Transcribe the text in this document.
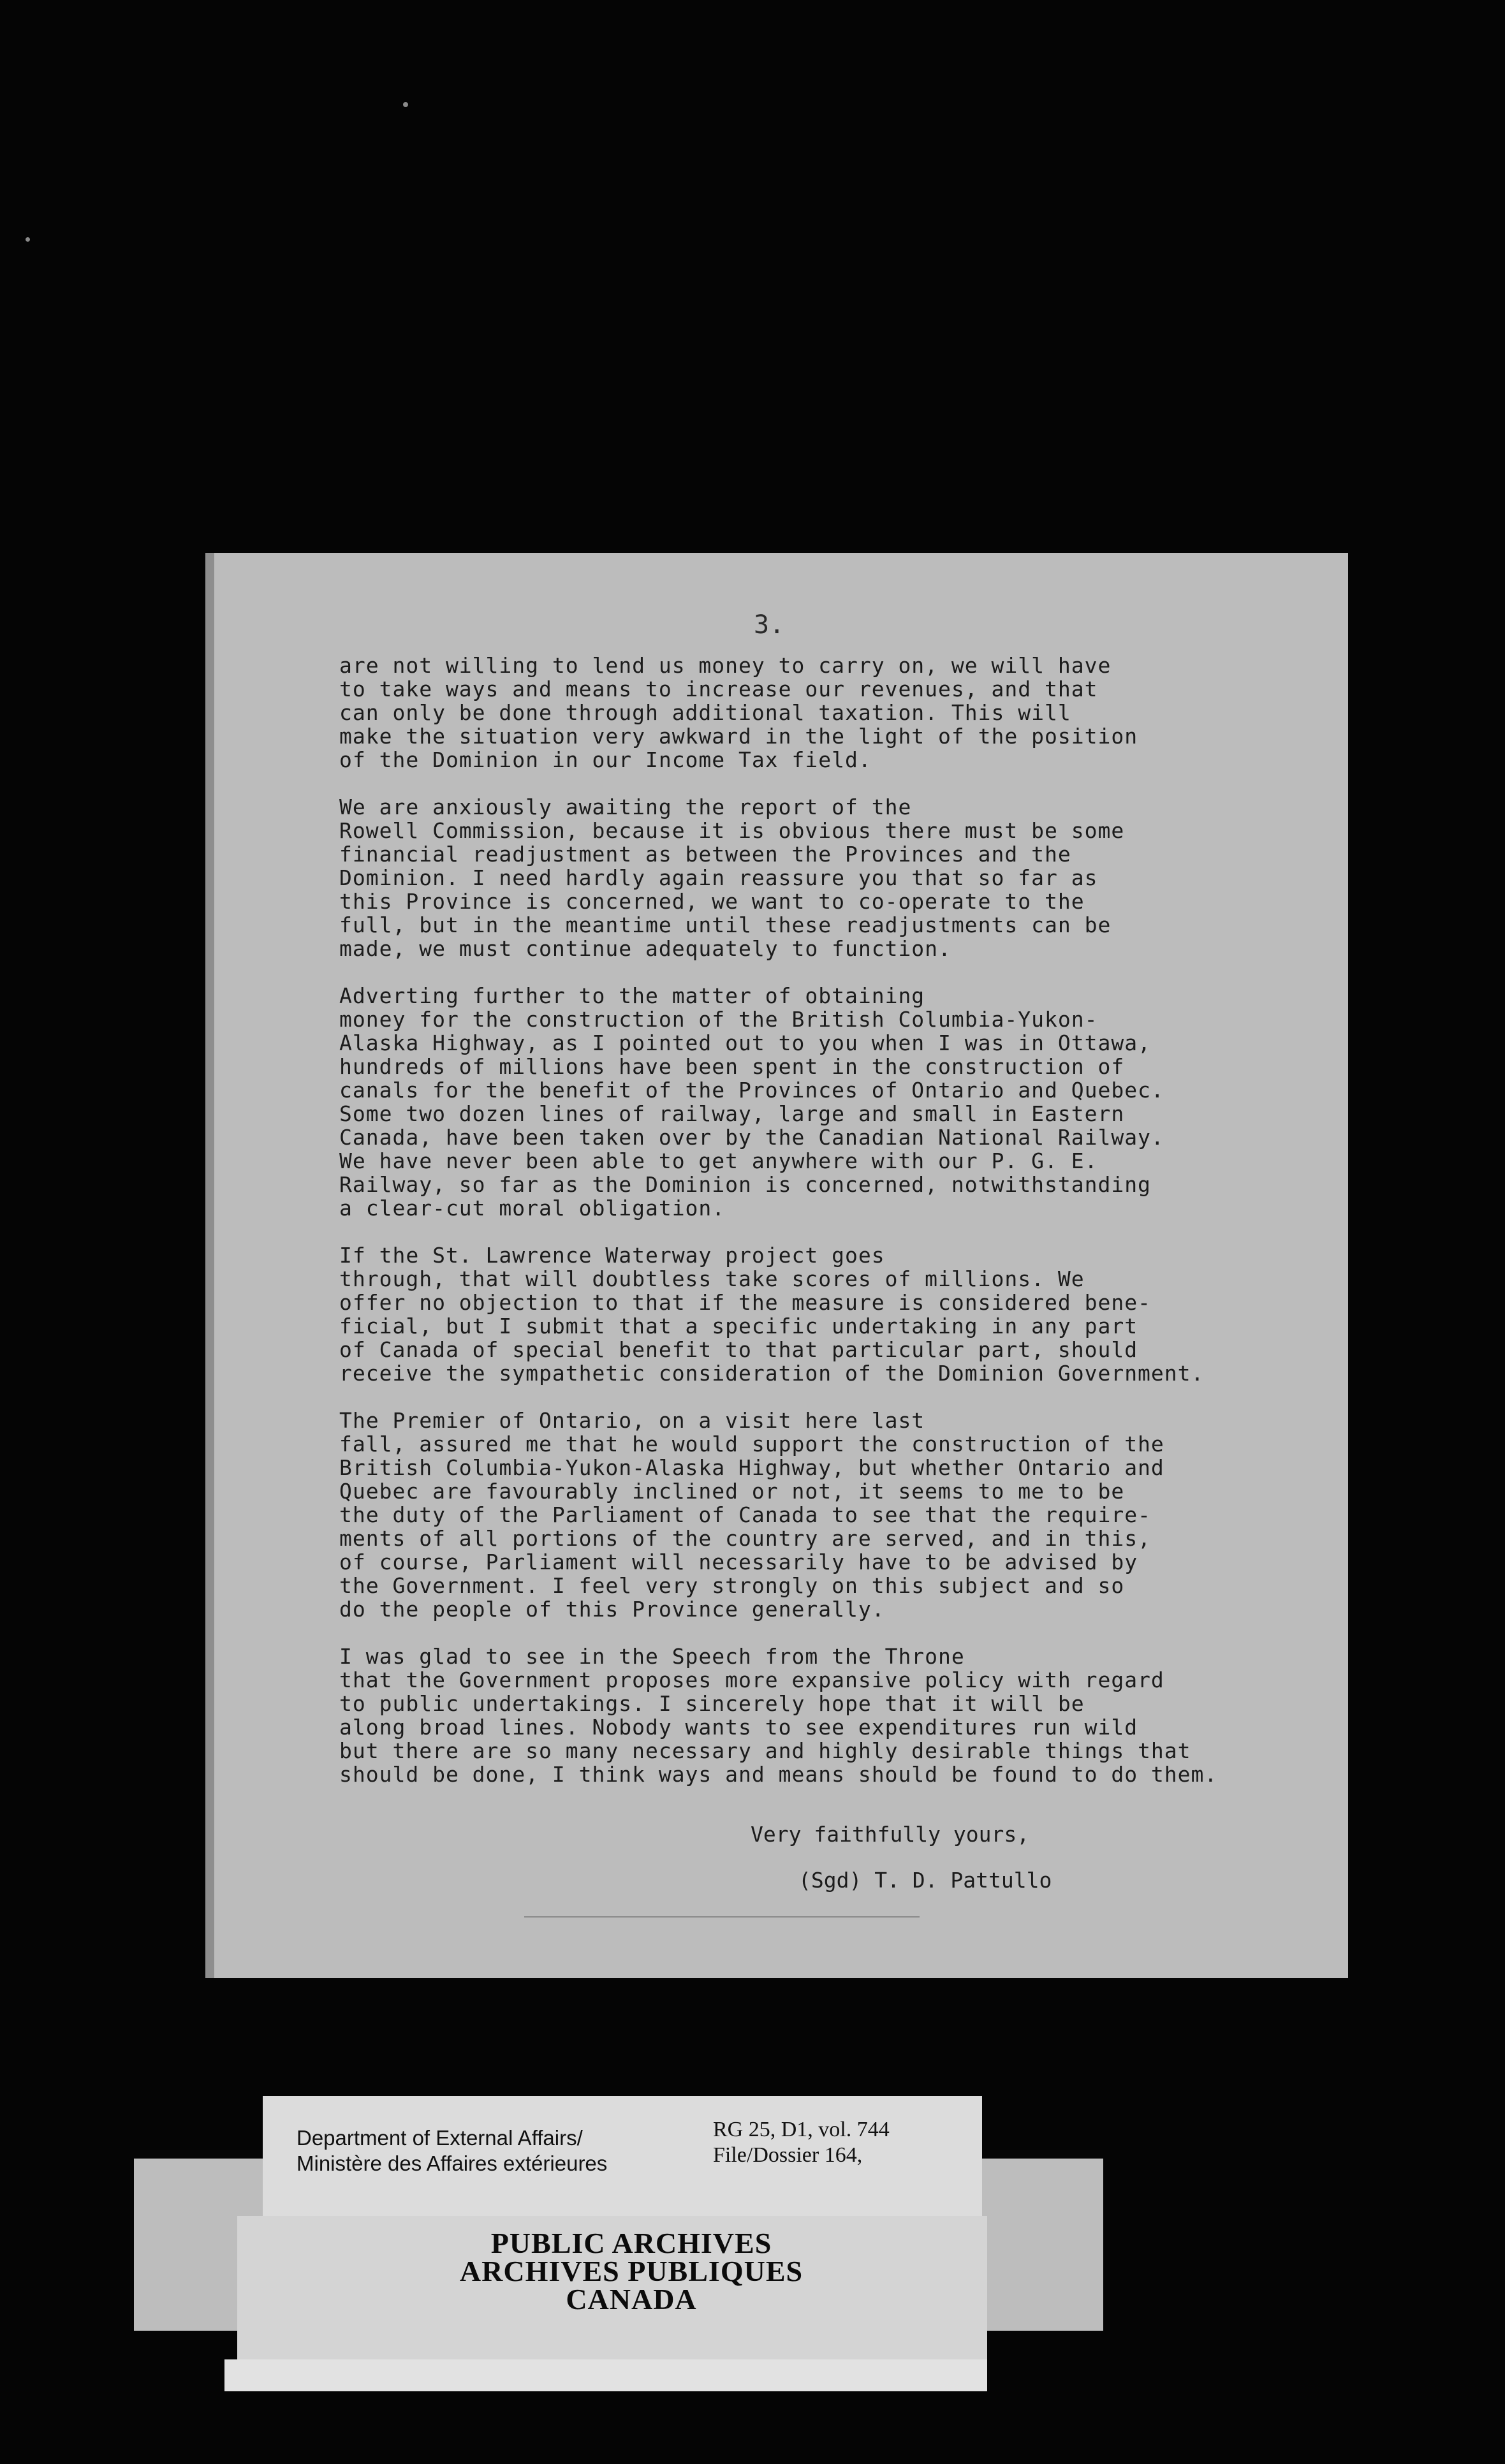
3.

are not willing to lend us money to carry on, we will have
to take ways and means to increase our revenues, and that
can only be done through additional taxation. This will
make the situation very awkward in the light of the position
of the Dominion in our Income Tax field.

We are anxiously awaiting the report of the
Rowell Commission, because it is obvious there must be some
financial readjustment as between the Provinces and the
Dominion. I need hardly again reassure you that so far as
this Province is concerned, we want to co-operate to the
full, but in the meantime until these readjustments can be
made, we must continue adequately to function.

Adverting further to the matter of obtaining
money for the construction of the British Columbia-Yukon-
Alaska Highway, as I pointed out to you when I was in Ottawa,
hundreds of millions have been spent in the construction of
canals for the benefit of the Provinces of Ontario and Quebec.
Some two dozen lines of railway, large and small in Eastern
Canada, have been taken over by the Canadian National Railway.
We have never been able to get anywhere with our P. G. E.
Railway, so far as the Dominion is concerned, notwithstanding
a clear-cut moral obligation.

If the St. Lawrence Waterway project goes
through, that will doubtless take scores of millions. We
offer no objection to that if the measure is considered bene-
ficial, but I submit that a specific undertaking in any part
of Canada of special benefit to that particular part, should
receive the sympathetic consideration of the Dominion Government.

The Premier of Ontario, on a visit here last
fall, assured me that he would support the construction of the
British Columbia-Yukon-Alaska Highway, but whether Ontario and
Quebec are favourably inclined or not, it seems to me to be
the duty of the Parliament of Canada to see that the require-
ments of all portions of the country are served, and in this,
of course, Parliament will necessarily have to be advised by
the Government. I feel very strongly on this subject and so
do the people of this Province generally.

I was glad to see in the Speech from the Throne
that the Government proposes more expansive policy with regard
to public undertakings. I sincerely hope that it will be
along broad lines. Nobody wants to see expenditures run wild
but there are so many necessary and highly desirable things that
should be done, I think ways and means should be found to do them.

Very faithfully yours,
(Sgd) T. D. Pattullo
Department of External Affairs/
Ministère des Affaires extérieures
RG 25, D1, vol. 744
File/Dossier 164,
PUBLIC ARCHIVES
ARCHIVES PUBLIQUES
CANADA
